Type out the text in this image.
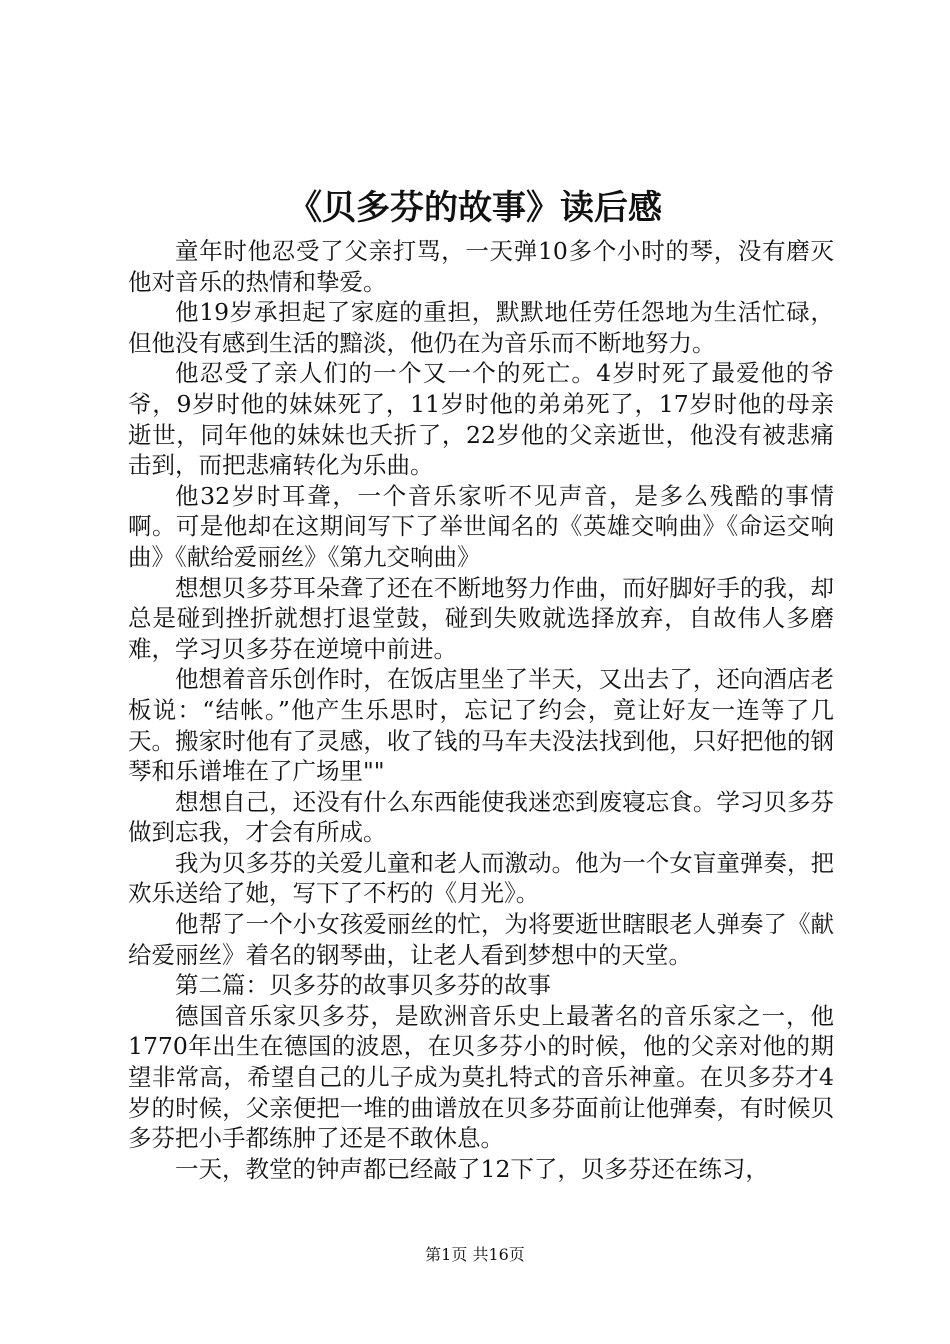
《贝多芬的故事》读后感

童年时他忍受了父亲打骂，一天弹10多个小时的琴，没有磨灭他对音乐的热情和挚爱。

他19岁承担起了家庭的重担，默默地任劳任怨地为生活忙碌，但他没有感到生活的黯淡，他仍在为音乐而不断地努力。

他忍受了亲人们的一个又一个的死亡。4岁时死了最爱他的爷爷，9岁时他的妹妹死了，11岁时他的弟弟死了，17岁时他的母亲逝世，同年他的妹妹也夭折了，22岁他的父亲逝世，他没有被悲痛击到，而把悲痛转化为乐曲。

他32岁时耳聋，一个音乐家听不见声音，是多么残酷的事情啊。可是他却在这期间写下了举世闻名的《英雄交响曲》《命运交响曲》《献给爱丽丝》《第九交响曲》

想想贝多芬耳朵聋了还在不断地努力作曲，而好脚好手的我，却总是碰到挫折就想打退堂鼓，碰到失败就选择放弃，自故伟人多磨难，学习贝多芬在逆境中前进。

他想着音乐创作时，在饭店里坐了半天，又出去了，还向酒店老板说：“结帐。”他产生乐思时，忘记了约会，竟让好友一连等了几天。搬家时他有了灵感，收了钱的马车夫没法找到他，只好把他的钢琴和乐谱堆在了广场里""

想想自己，还没有什么东西能使我迷恋到废寝忘食。学习贝多芬做到忘我，才会有所成。

我为贝多芬的关爱儿童和老人而激动。他为一个女盲童弹奏，把欢乐送给了她，写下了不朽的《月光》。

他帮了一个小女孩爱丽丝的忙，为将要逝世瞎眼老人弹奏了《献给爱丽丝》着名的钢琴曲，让老人看到梦想中的天堂。

第二篇：贝多芬的故事贝多芬的故事

德国音乐家贝多芬，是欧洲音乐史上最著名的音乐家之一，他1770年出生在德国的波恩，在贝多芬小的时候，他的父亲对他的期望非常高，希望自己的儿子成为莫扎特式的音乐神童。在贝多芬才4岁的时候，父亲便把一堆的曲谱放在贝多芬面前让他弹奏，有时候贝多芬把小手都练肿了还是不敢休息。

一天，教堂的钟声都已经敲了12下了，贝多芬还在练习，

第1页 共16页
